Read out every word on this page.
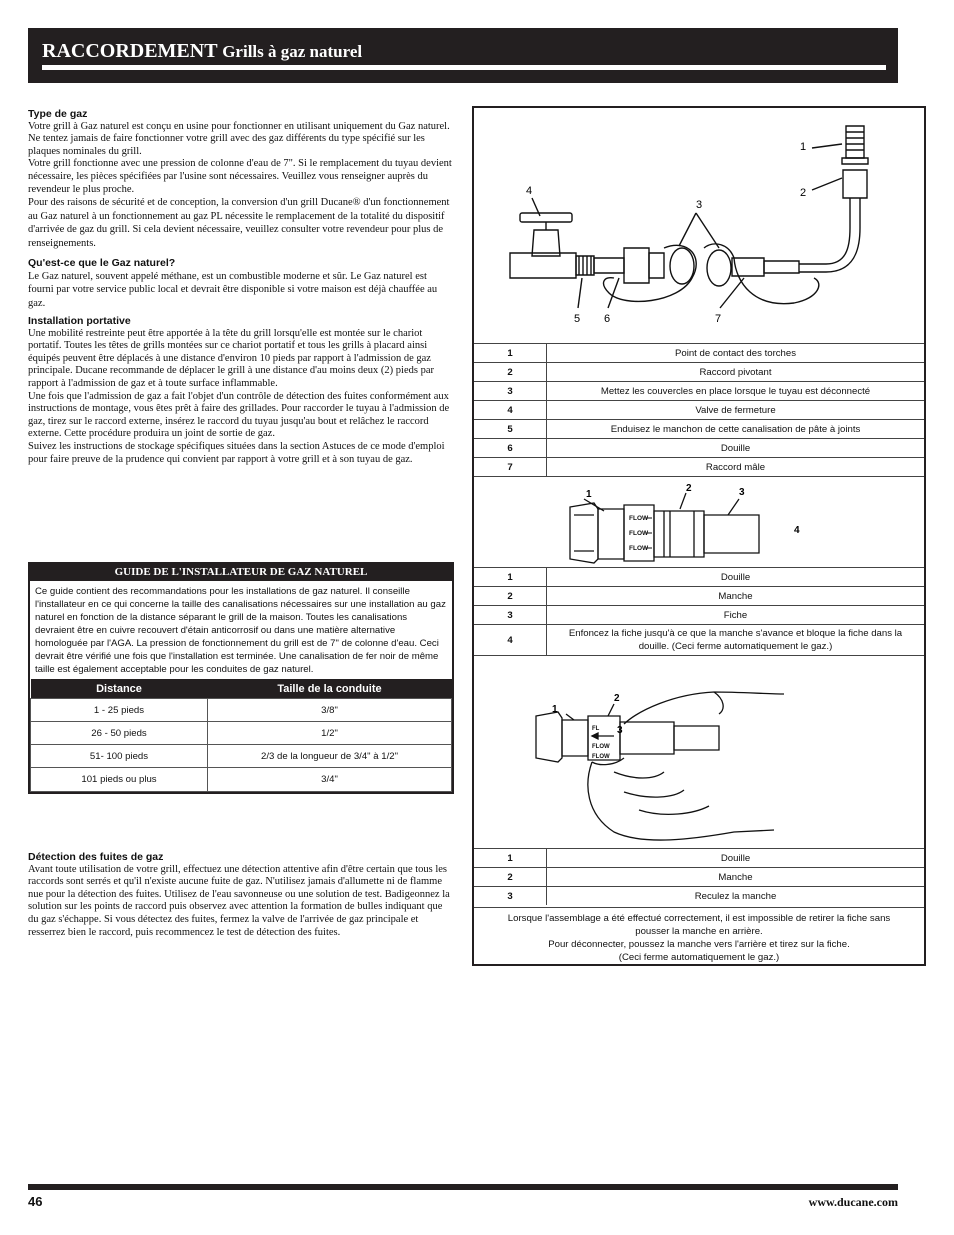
RACCORDEMENT Grills à gaz naturel
Type de gaz

Votre grill à Gaz naturel est conçu en usine pour fonctionner en utilisant uniquement du Gaz naturel. Ne tentez jamais de faire fonctionner votre grill avec des gaz différents du type spécifié sur les plaques nominales du grill.

Votre grill fonctionne avec une pression de colonne d'eau de 7". Si le remplacement du tuyau devient nécessaire, les pièces spécifiées par l'usine sont nécessaires. Veuillez vous renseigner auprès du revendeur le plus proche.

Pour des raisons de sécurité et de conception, la conversion d'un grill Ducane® d'un fonctionnement au Gaz naturel à un fonctionnement au gaz PL nécessite le remplacement de la totalité du dispositif d'arrivée de gaz du grill. Si cela devient nécessaire, veuillez consulter votre revendeur pour plus de renseignements.

Qu'est-ce que le Gaz naturel?

Le Gaz naturel, souvent appelé méthane, est un combustible moderne et sûr. Le Gaz naturel est fourni par votre service public local et devrait être disponible si votre maison est déjà chauffée au gaz.

Installation portative

Une mobilité restreinte peut être apportée à la tête du grill lorsqu'elle est montée sur le chariot portatif. Toutes les têtes de grills montées sur ce chariot portatif et tous les grills à placard ainsi équipés peuvent être déplacés à une distance d'environ 10 pieds par rapport à l'admission de gaz principale. Ducane recommande de déplacer le grill à une distance d'au moins deux (2) pieds par rapport à l'admission de gaz et à toute surface inflammable.

Une fois que l'admission de gaz a fait l'objet d'un contrôle de détection des fuites conformément aux instructions de montage, vous êtes prêt à faire des grillades. Pour raccorder le tuyau à l'admission de gaz, tirez sur le raccord externe, insérez le raccord du tuyau jusqu'au bout et relâchez le raccord externe. Cette procédure produira un joint de sortie de gaz.

Suivez les instructions de stockage spécifiques situées dans la section Astuces de ce mode d'emploi pour faire preuve de la prudence qui convient par rapport à votre grill et à son tuyau de gaz.

GUIDE DE L'INSTALLATEUR DE GAZ NATUREL
Ce guide contient des recommandations pour les installations de gaz naturel. Il conseille l'installateur en ce qui concerne la taille des canalisations nécessaires sur une installation au gaz naturel en fonction de la distance séparant le grill de la maison. Toutes les canalisations devraient être en cuivre recouvert d'étain anticorrosif ou dans une matière alternative homologuée par l'AGA. La pression de fonctionnement du grill est de 7" de colonne d'eau. Ceci devrait être vérifié une fois que l'installation est terminée. Une canalisation de fer noir de même taille est également acceptable pour les conduites de gaz naturel.
Distance	Taille de la conduite
1 - 25 pieds	3/8"
26 - 50 pieds	1/2"
51- 100 pieds	2/3 de la longueur de 3/4" à 1/2"
101 pieds ou plus	3/4"
Détection des fuites de gaz

Avant toute utilisation de votre grill, effectuez une détection attentive afin d'être certain que tous les raccords sont serrés et qu'il n'existe aucune fuite de gaz. N'utilisez jamais d'allumette ni de flamme nue pour la détection des fuites. Utilisez de l'eau savonneuse ou une solution de test. Badigeonnez la solution sur les points de raccord puis observez avec attention la formation de bulles indiquant que du gaz s'échappe. Si vous détectez des fuites, fermez la valve de l'arrivée de gaz principale et resserrez bien le raccord, puis recommencez le test de détection des fuites.

1
2
3
4
5 6	7
1	Point de contact des torches
2	Raccord pivotant
3	Mettez les couvercles en place lorsque le tuyau est déconnecté
4	Valve de fermeture
5	Enduisez le manchon de cette canalisation de pâte à joints
6	Douille
7	Raccord mâle
FLOW
FLOW
FLOW
1
2	3
4
1	Douille
2	Manche
3	Fiche
4	Enfoncez la fiche jusqu'à ce que la manche s'avance et bloque la fiche dans la douille. (Ceci ferme automatiquement le gaz.)
FL
FLOW
FLOW
1
2
3
1	Douille
2	Manche
3	Reculez la manche
Lorsque l'assemblage a été effectué correctement, il est impossible de retirer la fiche sans pousser la manche en arrière.
Pour déconnecter, poussez la manche vers l'arrière et tirez sur la fiche.
(Ceci ferme automatiquement le gaz.)
46	www.ducane.com
